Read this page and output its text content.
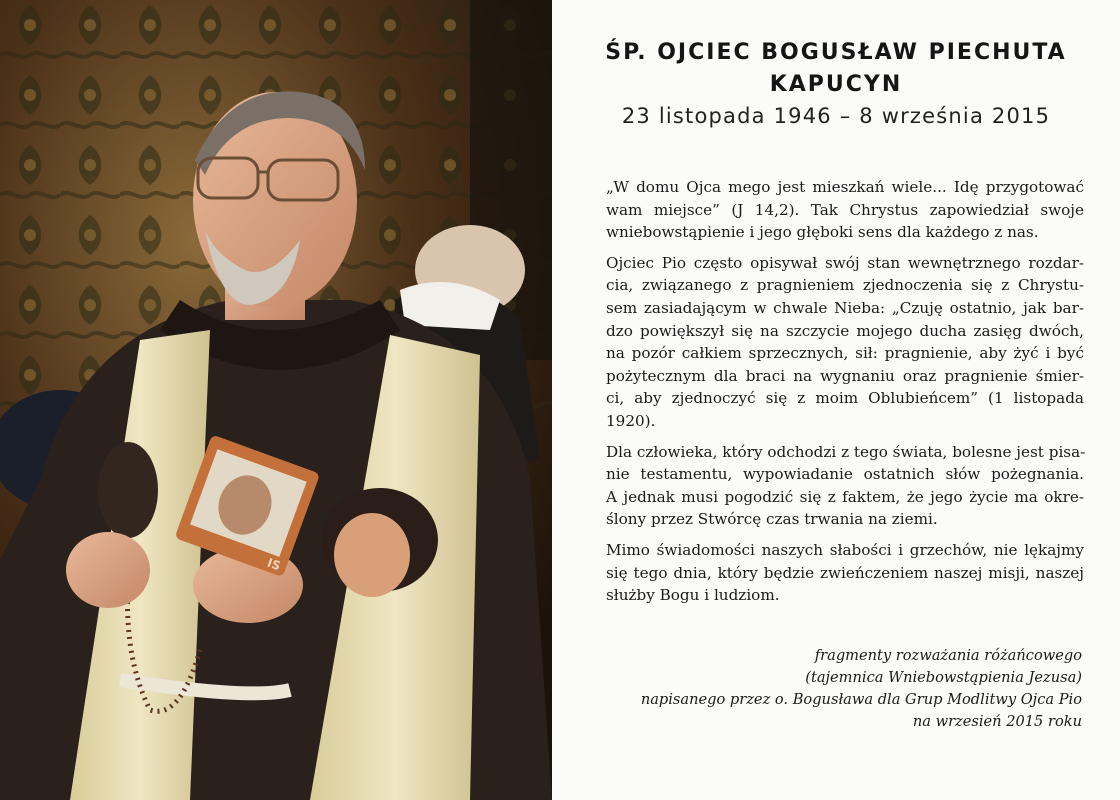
IS
ŚP. OJCIEC BOGUSŁAW PIECHUTA
KAPUCYN
23 listopada 1946 – 8 września 2015

„W domu Ojca mego jest mieszkań wiele... Idę przygotować
wam miejsce” (J 14,2). Tak Chrystus zapowiedział swoje
wniebowstąpienie i jego głęboki sens dla każdego z nas.

Ojciec Pio często opisywał swój stan wewnętrznego rozdar-
cia, związanego z pragnieniem zjednoczenia się z Chrystu-
sem zasiadającym w chwale Nieba: „Czuję ostatnio, jak bar-
dzo powiększył się na szczycie mojego ducha zasięg dwóch,
na pozór całkiem sprzecznych, sił: pragnienie, aby żyć i być
pożytecznym dla braci na wygnaniu oraz pragnienie śmier-
ci, aby zjednoczyć się z moim Oblubieńcem” (1 listopada
1920).

Dla człowieka, który odchodzi z tego świata, bolesne jest pisa-
nie testamentu, wypowiadanie ostatnich słów pożegnania.
A jednak musi pogodzić się z faktem, że jego życie ma okre-
ślony przez Stwórcę czas trwania na ziemi.

Mimo świadomości naszych słabości i grzechów, nie lękajmy
się tego dnia, który będzie zwieńczeniem naszej misji, naszej
służby Bogu i ludziom.

fragmenty rozważania różańcowego
(tajemnica Wniebowstąpienia Jezusa)
napisanego przez o. Bogusława dla Grup Modlitwy Ojca Pio
na wrzesień 2015 roku
